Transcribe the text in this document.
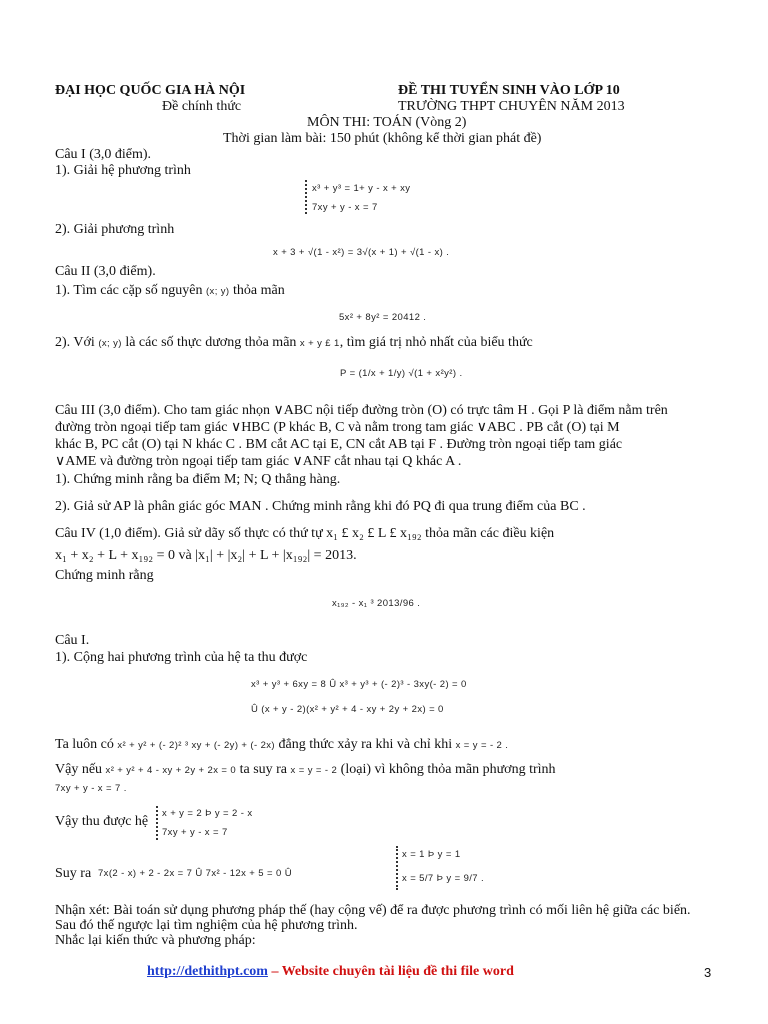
ĐẠI HỌC QUỐC GIA HÀ NỘI
Đề chính thức
ĐỀ THI TUYỂN SINH VÀO LỚP 10
TRƯỜNG THPT CHUYÊN NĂM 2013
MÔN THI: TOÁN (Vòng 2)
Thời gian làm bài: 150 phút (không kể thời gian phát đề)
Câu I (3,0 điểm).
1). Giải hệ phương trình
x³ + y³ = 1+ y - x + xy
7xy + y - x = 7
2). Giải phương trình
x + 3 + √(1 - x²) = 3√(x + 1) + √(1 - x) .
Câu II (3,0 điểm).
1). Tìm các cặp số nguyên (x; y) thỏa mãn
5x² + 8y² = 20412 .
2). Với (x; y) là các số thực dương thỏa mãn x + y £ 1, tìm giá trị nhỏ nhất của biểu thức
P = (1/x + 1/y) √(1 + x²y²) .
Câu III (3,0 điểm). Cho tam giác nhọn ∨ABC nội tiếp đường tròn (O) có trực tâm H . Gọi P là điểm nằm trên
đường tròn ngoại tiếp tam giác ∨HBC (P khác B, C và nằm trong tam giác ∨ABC . PB cắt (O) tại M
khác B, PC cắt (O) tại N khác C . BM cắt AC tại E, CN cắt AB tại F . Đường tròn ngoại tiếp tam giác
∨AME và đường tròn ngoại tiếp tam giác ∨ANF cắt nhau tại Q khác A .
1). Chứng minh rằng ba điểm M; N; Q thẳng hàng.
2). Giả sử AP là phân giác góc MAN . Chứng minh rằng khi đó PQ đi qua trung điểm của BC .
Câu IV (1,0 điểm). Giả sử dãy số thực có thứ tự x₁ £ x₂ £ L £ x₁₉₂ thỏa mãn các điều kiện
x₁ + x₂ + L + x₁₉₂ = 0 và |x₁| + |x₂| + L + |x₁₉₂| = 2013.
Chứng minh rằng
x₁₉₂ - x₁ ³ 2013/96 .
Câu I.
1). Cộng hai phương trình của hệ ta thu được
x³ + y³ + 6xy = 8 Û x³ + y³ + (- 2)³ - 3xy(- 2) = 0
Û (x + y - 2)(x² + y² + 4 - xy + 2y + 2x) = 0
Ta luôn có x² + y² + (- 2)² ³ xy + (- 2y) + (- 2x) đẳng thức xảy ra khi và chỉ khi x = y = - 2 .
Vậy nếu x² + y² + 4 - xy + 2y + 2x = 0 ta suy ra x = y = - 2 (loại) vì không thỏa mãn phương trình
7xy + y - x = 7 .
Vậy thu được hệ
x + y = 2 Þ y = 2 - x
7xy + y - x = 7
Suy ra 7x(2 - x) + 2 - 2x = 7 Û 7x² - 12x + 5 = 0 Û
x = 1 Þ y = 1
x = 5/7 Þ y = 9/7 .
Nhận xét: Bài toán sử dụng phương pháp thế (hay cộng vế) để ra được phương trình có mối liên hệ giữa các biến.
Sau đó thế ngược lại tìm nghiệm của hệ phương trình.
Nhắc lại kiến thức và phương pháp:
http://dethithpt.com – Website chuyên tài liệu đề thi file word	3
